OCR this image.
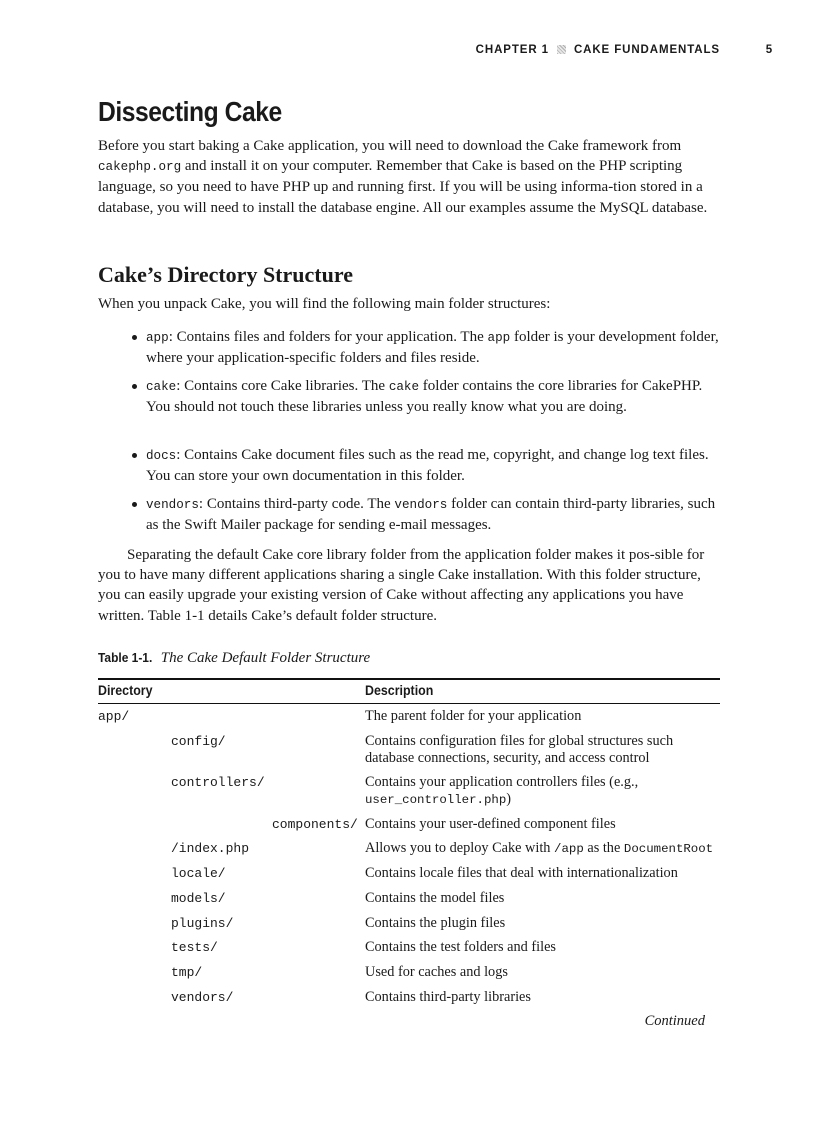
CHAPTER 1 CAKE FUNDAMENTALS	5
Dissecting Cake

Before you start baking a Cake application, you will need to download the Cake framework from cakephp.org and install it on your computer. Remember that Cake is based on the PHP scripting language, so you need to have PHP up and running first. If you will be using informa-tion stored in a database, you will need to install the database engine. All our examples assume the MySQL database.

Cake’s Directory Structure

When you unpack Cake, you will find the following main folder structures:

app: Contains files and folders for your application. The app folder is your development folder, where your application-specific folders and files reside.
cake: Contains core Cake libraries. The cake folder contains the core libraries for CakePHP. You should not touch these libraries unless you really know what you are doing.
docs: Contains Cake document files such as the read me, copyright, and change log text files. You can store your own documentation in this folder.
vendors: Contains third-party code. The vendors folder can contain third-party libraries, such as the Swift Mailer package for sending e-mail messages.

Separating the default Cake core library folder from the application folder makes it pos-sible for you to have many different applications sharing a single Cake installation. With this folder structure, you can easily upgrade your existing version of Cake without affecting any applications you have written. Table 1-1 details Cake’s default folder structure.

Table 1-1. The Cake Default Folder Structure
Directory	Description
app/	The parent folder for your application
config/	Contains configuration files for global structures such database connections, security, and access control
controllers/	Contains your application controllers files (e.g., user_controller.php)
components/ Contains your user-defined component files
/index.php	Allows you to deploy Cake with /app as the DocumentRoot
locale/	Contains locale files that deal with internationalization
models/	Contains the model files
plugins/	Contains the plugin files
tests/	Contains the test folders and files
tmp/	Used for caches and logs
vendors/	Contains third-party libraries
Continued
